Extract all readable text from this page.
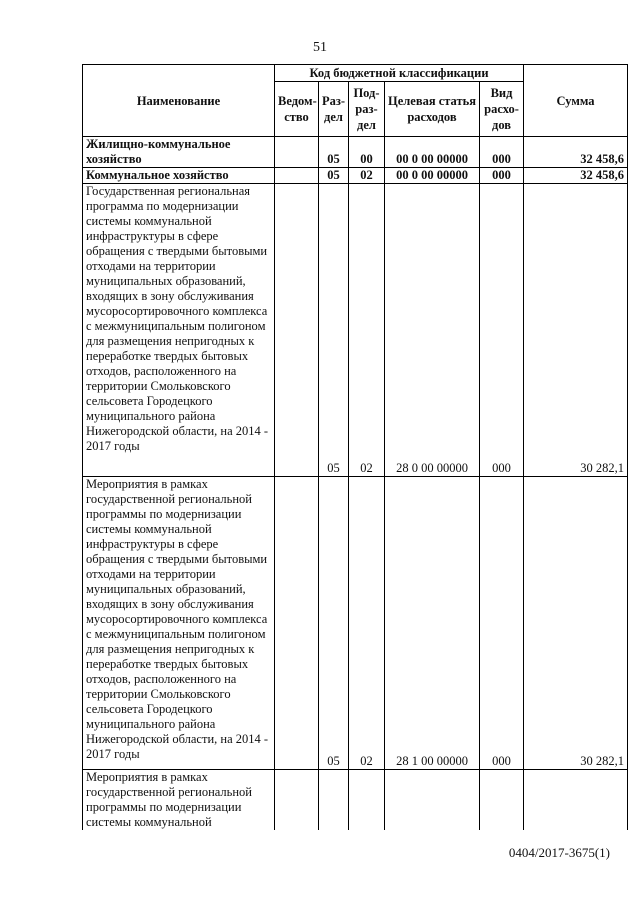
51
Наименование	Код бюджетной классификации					Сумма
	Ведом-ство	Раз-дел	Под-раз-дел	Целевая статья расходов	Вид расхо-дов	
Жилищно-коммунальное хозяйство		05	00	00 0 00 00000	000	32 458,6
Коммунальное хозяйство		05	02	00 0 00 00000	000	32 458,6
Государственная региональная программа по модернизации системы коммунальной инфраструктуры в сфере обращения с твердыми бытовыми отходами на территории муниципальных образований, входящих в зону обслуживания мусоросортировочного комплекса с межмуниципальным полигоном для размещения непригодных к переработке твердых бытовых отходов, расположенного на территории Смольковского сельсовета Городецкого муниципального района Нижегородской области, на 2014 - 2017 годы		05	02	28 0 00 00000	000	30 282,1
Мероприятия в рамках государственной региональной программы по модернизации системы коммунальной инфраструктуры в сфере обращения с твердыми бытовыми отходами на территории муниципальных образований, входящих в зону обслуживания мусоросортировочного комплекса с межмуниципальным полигоном для размещения непригодных к переработке твердых бытовых отходов, расположенного на территории Смольковского сельсовета Городецкого муниципального района Нижегородской области, на 2014 - 2017 годы		05	02	28 1 00 00000	000	30 282,1
Мероприятия в рамках государственной региональной программы по модернизации системы коммунальной						
0404/2017-3675(1)
